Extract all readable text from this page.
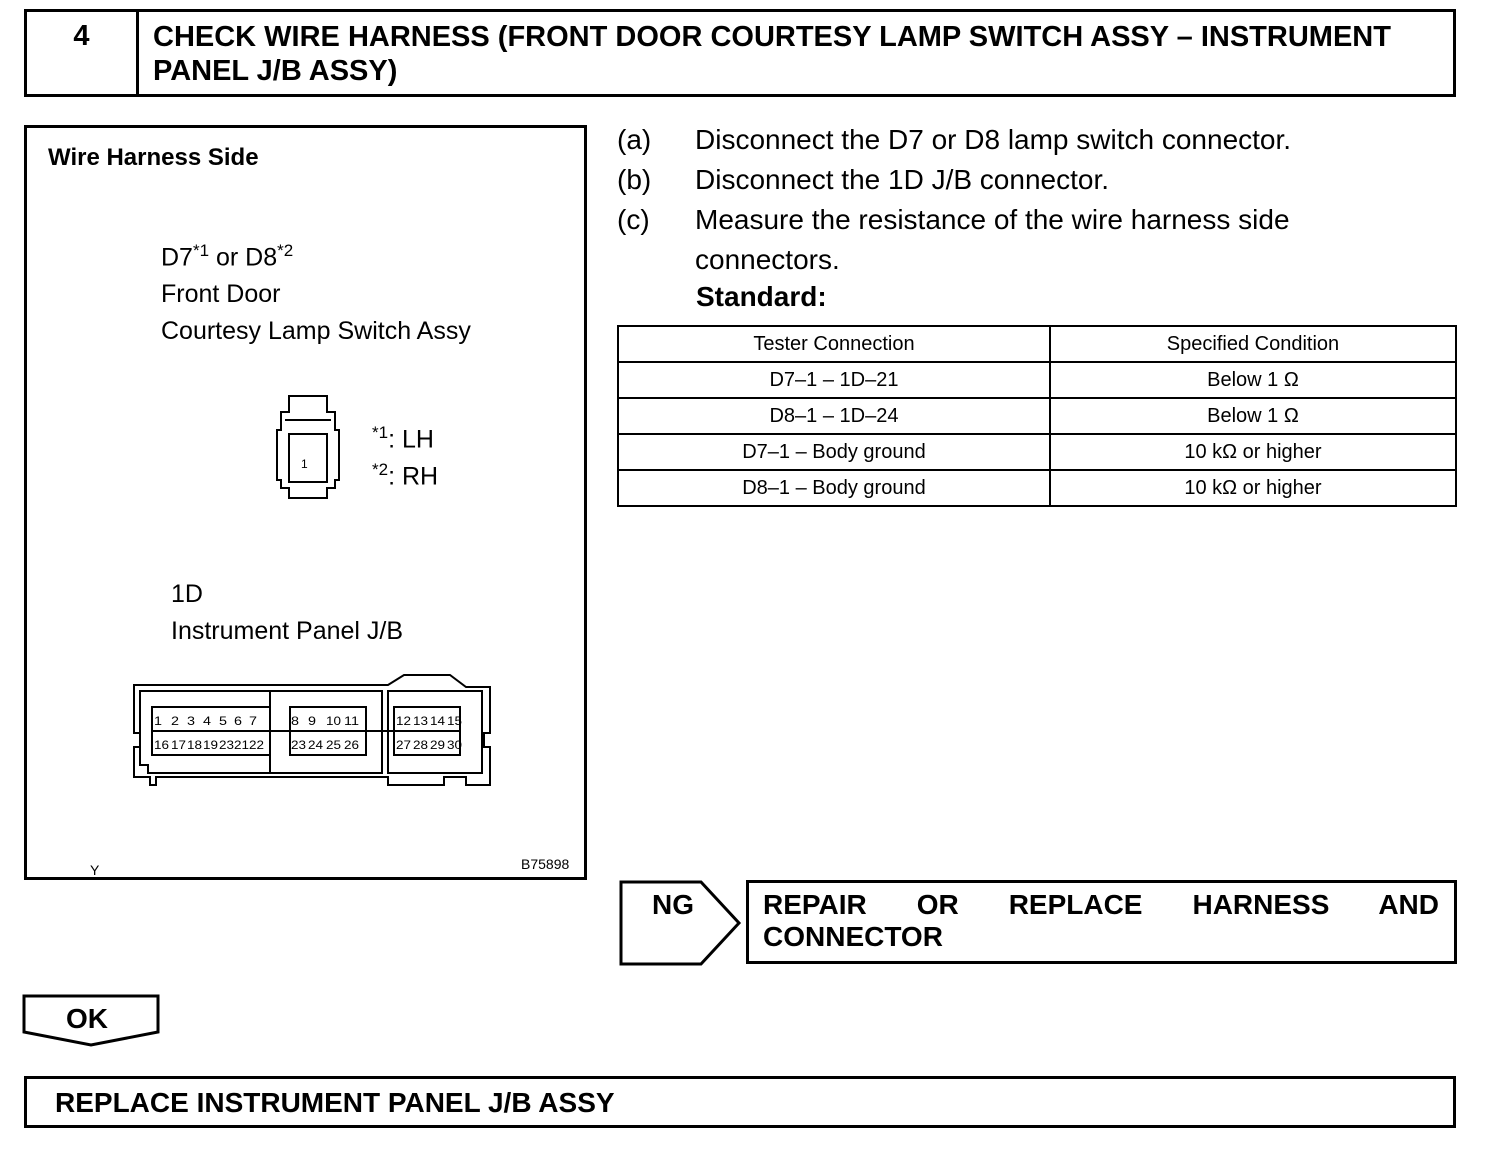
4	CHECK WIRE HARNESS (FRONT DOOR COURTESY LAMP SWITCH ASSY – INSTRUMENT PANEL J/B ASSY)
Wire Harness Side
D7$^{*1}$ or D8$^{*2}$
Front Door
Courtesy Lamp Switch Assy
1
$^{*1}$: LH
$^{*2}$: RH
1D
Instrument Panel J/B
1 2 3 4 5 6 7	8 9 10 11	12 13 14 15
16 17 18 19 23 21 22 23 24 25 26	27 28 29 30
Y	B75898
(a)	Disconnect the D7 or D8 lamp switch connector.
(b)	Disconnect the 1D J/B connector.
(c)	Measure the resistance of the wire harness side connectors.
Standard:
Tester Connection	Specified Condition
D7–1 – 1D–21	Below 1 Ω
D8–1 – 1D–24	Below 1 Ω
D7–1 – Body ground	10 kΩ or higher
D8–1 – Body ground	10 kΩ or higher
NG REPAIR OR REPLACE HARNESS AND CONNECTOR
OK
REPLACE INSTRUMENT PANEL J/B ASSY
